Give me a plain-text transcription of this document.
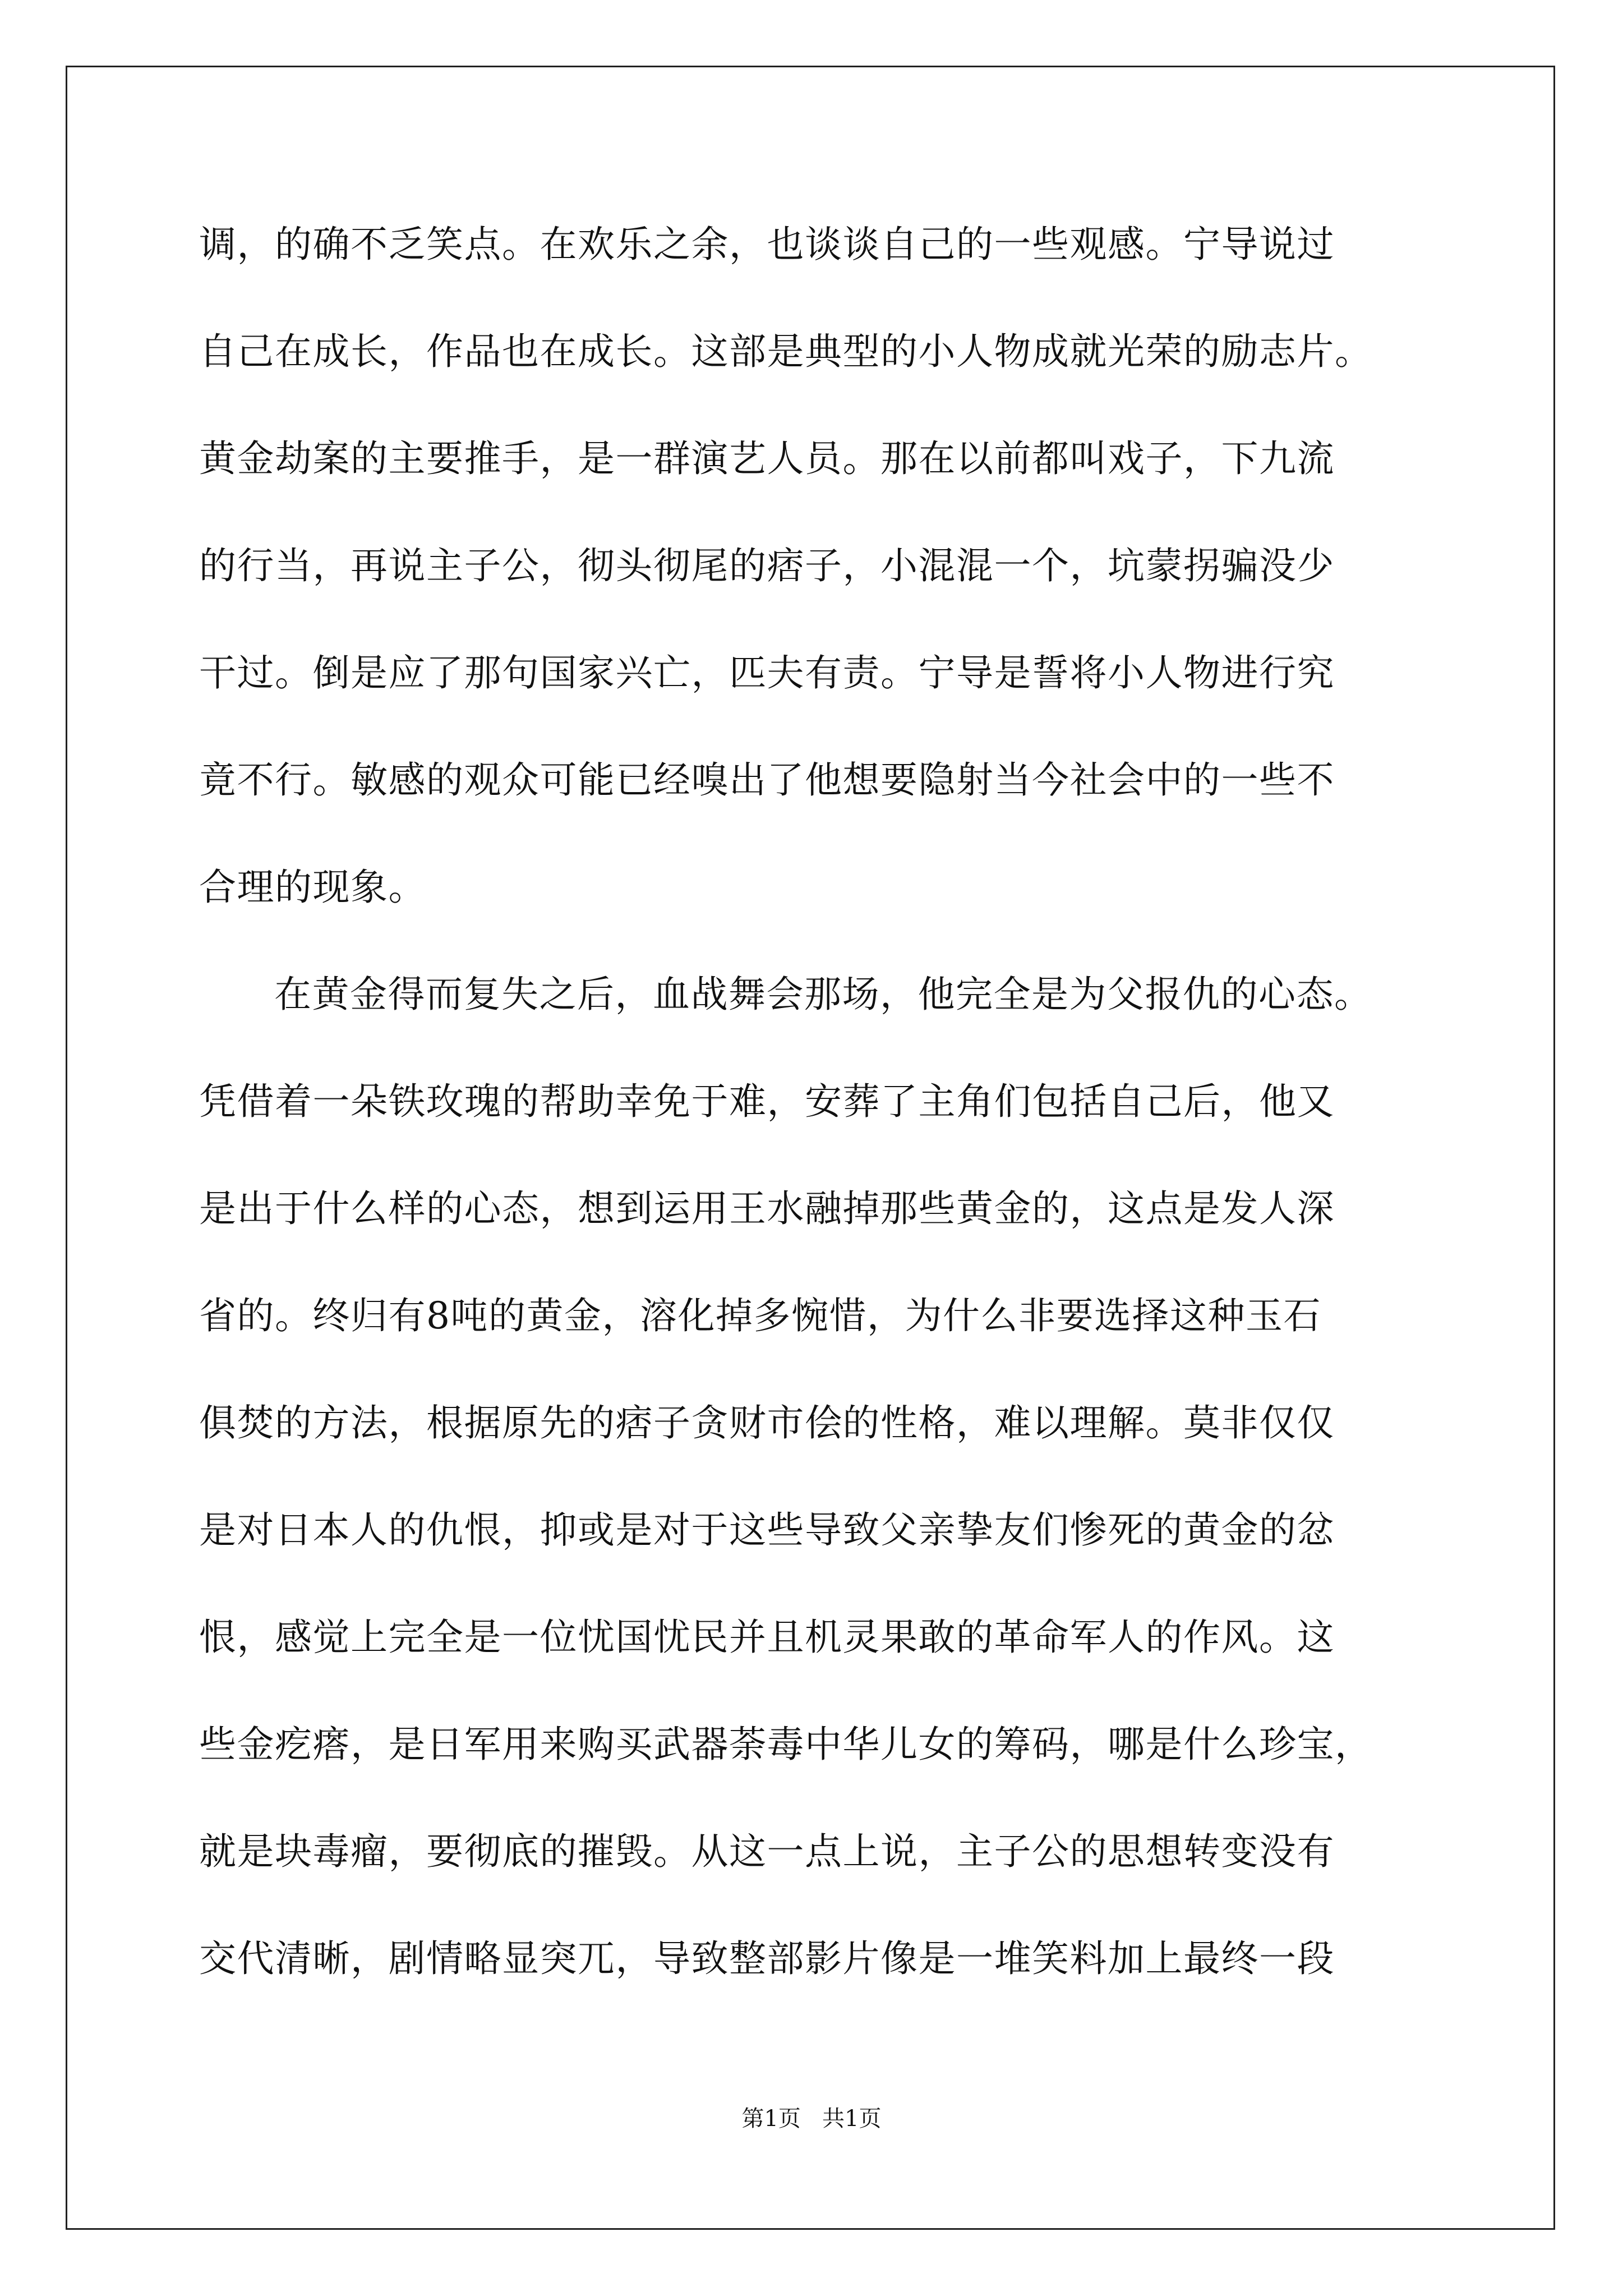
调，的确不乏笑点。在欢乐之余，也谈谈自己的一些观感。宁导说过
自己在成长，作品也在成长。这部是典型的小人物成就光荣的励志片。
黄金劫案的主要推手，是一群演艺人员。那在以前都叫戏子，下九流
的行当，再说主子公，彻头彻尾的痞子，小混混一个，坑蒙拐骗没少
干过。倒是应了那句国家兴亡，匹夫有责。宁导是誓将小人物进行究
竟不行。敏感的观众可能已经嗅出了他想要隐射当今社会中的一些不
合理的现象。
在黄金得而复失之后，血战舞会那场，他完全是为父报仇的心态。
凭借着一朵铁玫瑰的帮助幸免于难，安葬了主角们包括自己后，他又
是出于什么样的心态，想到运用王水融掉那些黄金的，这点是发人深
省的。终归有8吨的黄金，溶化掉多惋惜，为什么非要选择这种玉石
俱焚的方法，根据原先的痞子贪财市侩的性格，难以理解。莫非仅仅
是对日本人的仇恨，抑或是对于这些导致父亲挚友们惨死的黄金的忿
恨，感觉上完全是一位忧国忧民并且机灵果敢的革命军人的作风。这
些金疙瘩，是日军用来购买武器荼毒中华儿女的筹码，哪是什么珍宝，
就是块毒瘤，要彻底的摧毁。从这一点上说，主子公的思想转变没有
交代清晰，剧情略显突兀，导致整部影片像是一堆笑料加上最终一段
第1页   共1页
